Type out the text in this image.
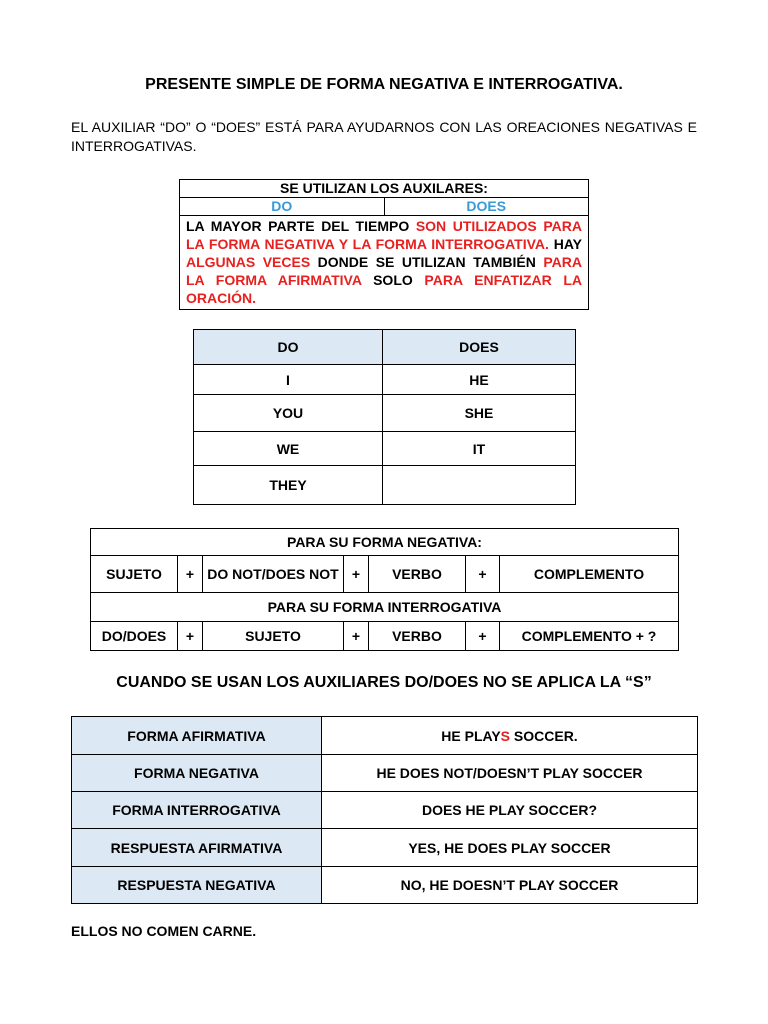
PRESENTE SIMPLE DE FORMA NEGATIVA E INTERROGATIVA.
EL AUXILIAR “DO” O “DOES” ESTÁ PARA AYUDARNOS CON LAS OREACIONES NEGATIVAS E INTERROGATIVAS.
SE UTILIZAN LOS AUXILARES:
DO	DOES
LA MAYOR PARTE DEL TIEMPO SON UTILIZADOS PARA LA FORMA NEGATIVA Y LA FORMA INTERROGATIVA. HAY ALGUNAS VECES DONDE SE UTILIZAN TAMBIÉN PARA LA FORMA AFIRMATIVA SOLO PARA ENFATIZAR LA ORACIÓN.
DO	DOES
I	HE
YOU	SHE
WE	IT
THEY	
PARA SU FORMA NEGATIVA:						
SUJETO	+	DO NOT/DOES NOT	+	VERBO	+	COMPLEMENTO
PARA SU FORMA INTERROGATIVA						
DO/DOES	+	SUJETO	+	VERBO	+	COMPLEMENTO + ?
CUANDO SE USAN LOS AUXILIARES DO/DOES NO SE APLICA LA “S”
FORMA AFIRMATIVA	HE PLAYS SOCCER.
FORMA NEGATIVA	HE DOES NOT/DOESN’T PLAY SOCCER
FORMA INTERROGATIVA	DOES HE PLAY SOCCER?
RESPUESTA AFIRMATIVA	YES, HE DOES PLAY SOCCER
RESPUESTA NEGATIVA	NO, HE DOESN’T PLAY SOCCER
ELLOS NO COMEN CARNE.
